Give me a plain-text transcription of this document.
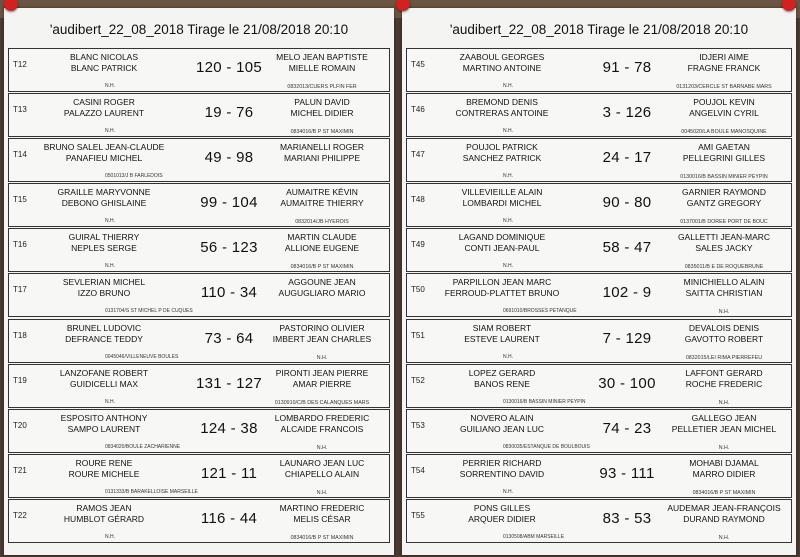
'audibert_22_08_2018 Tirage le 21/08/2018 20:10
T12
BLANC NICOLAS
BLANC PATRICK	120 - 105
MELO JEAN BAPTISTE
MIELLE ROMAIN
N.H.	0832013/CUERS PLFIN FER
T13
CASINI ROGER
PALAZZO LAURENT	19 - 76
PALUN DAVID
MICHEL DIDIER
N.H.	0834016/B P ST MAXIMIN
T14
BRUNO SALEL JEAN-CLAUDE
PANAFIEU MICHEL	49 - 98
MARIANELLI ROGER
MARIANI PHILIPPE
0501013/J B FARLEDOIS
T15
GRAILLE MARYVONNE
DEBONO GHISLAINE	99 - 104
AUMAITRE KÉVIN
AUMAITRE THIERRY
N.H.	0832014/JB HYEROIS
T16
GUIRAL THIERRY
NEPLES SERGE	56 - 123
MARTIN CLAUDE
ALLIONE EUGENE
N.H.	0834016/B P ST MAXIMIN
T17
SEVLERIAN MICHEL
IZZO BRUNO	110 - 34
AGGOUNE JEAN
AUGUGLIARO MARIO
0131704/S ST MICHEL P DE CUQUES
T18
BRUNEL LUDOVIC
DEFRANCE TEDDY	73 - 64
PASTORINO OLIVIER
IMBERT JEAN CHARLES
0045046/VILLENEUVE BOULES	N.H.
T19
LANZOFANE ROBERT
GUIDICELLI MAX	131 - 127
PIRONTI JEAN PIERRE
AMAR PIERRE
N.H.	0130910/C/B DES CALANQUES MARS
T20
ESPOSITO ANTHONY
SAMPO LAURENT	124 - 38
LOMBARDO FREDERIC
ALCAIDE FRANCOIS
0834020/BOULE ZACHARIENNE	N.H.
T21
ROURE RENE
ROURE MICHELE	121 - 11
LAUNARO JEAN LUC
CHIAPELLO ALAIN
0131333/B BARAKELLOISE MARSEILLE	N.H.
T22
RAMOS JEAN
HUMBLOT GÉRARD	116 - 44
MARTINO FREDERIC
MELIS CÉSAR
N.H.	0834016/B P ST MAXIMIN
'audibert_22_08_2018 Tirage le 21/08/2018 20:10
T45
ZAABOUL GEORGES
MARTINO ANTOINE	91 - 78
IDJERI AIME
FRAGNE FRANCK
N.H.	0131203/CERCLE ST BARNABE MARS
T46
BREMOND DENIS
CONTRERAS ANTOINE	3 - 126
POUJOL KEVIN
ANGELVIN CYRIL
N.H.	0045020/LA BOULE MANOSQUINE
T47
POUJOL PATRICK
SANCHEZ PATRICK	24 - 17
AMI GAETAN
PELLEGRINI GILLES
N.H.	0130016/B BASSIN MINIER PEYPIN
T48
VILLEVIEILLE ALAIN
LOMBARDI MICHEL	90 - 80
GARNIER RAYMOND
GANTZ GREGORY
N.H.	0137001/B DOREE PORT DE BOUC
T49
LAGAND DOMINIQUE
CONTI JEAN-PAUL	58 - 47
GALLETTI JEAN-MARC
SALES JACKY
N.H.	0835011/B E DE ROQUEBRUNE
T50
PARPILLON JEAN MARC
FERROUD-PLATTET BRUNO	102 - 9
MINICHIELLO ALAIN
SAITTA CHRISTIAN
0691010/BROSSES PETANQUE	N.H.
T51
SIAM ROBERT
ESTEVE LAURENT	7 - 129
DEVALOIS DENIS
GAVOTTO ROBERT
N.H.	0832015/LEI RIMA PIERREFEU
T52
LOPEZ GERARD
BANOS RENE	30 - 100
LAFFONT GERARD
ROCHE FREDERIC
0130016/B BASSIN MINIER PEYPIN	N.H.
T53
NOVERO ALAIN
GUILIANO JEAN LUC	74 - 23
GALLEGO JEAN
PELLETIER JEAN MICHEL
0830035/ESTANQUE DE BOULBOUIS	N.H.
T54
PERRIER RICHARD
SORRENTINO DAVID	93 - 111
MOHABI DJAMAL
MARRO DIDIER
N.H.	0834016/B P ST MAXIMIN
T55
PONS GILLES
ARQUER DIDIER	83 - 53
AUDEMAR JEAN-FRANÇOIS
DURAND RAYMOND
0130508/ABM MARSEILLE	N.H.
